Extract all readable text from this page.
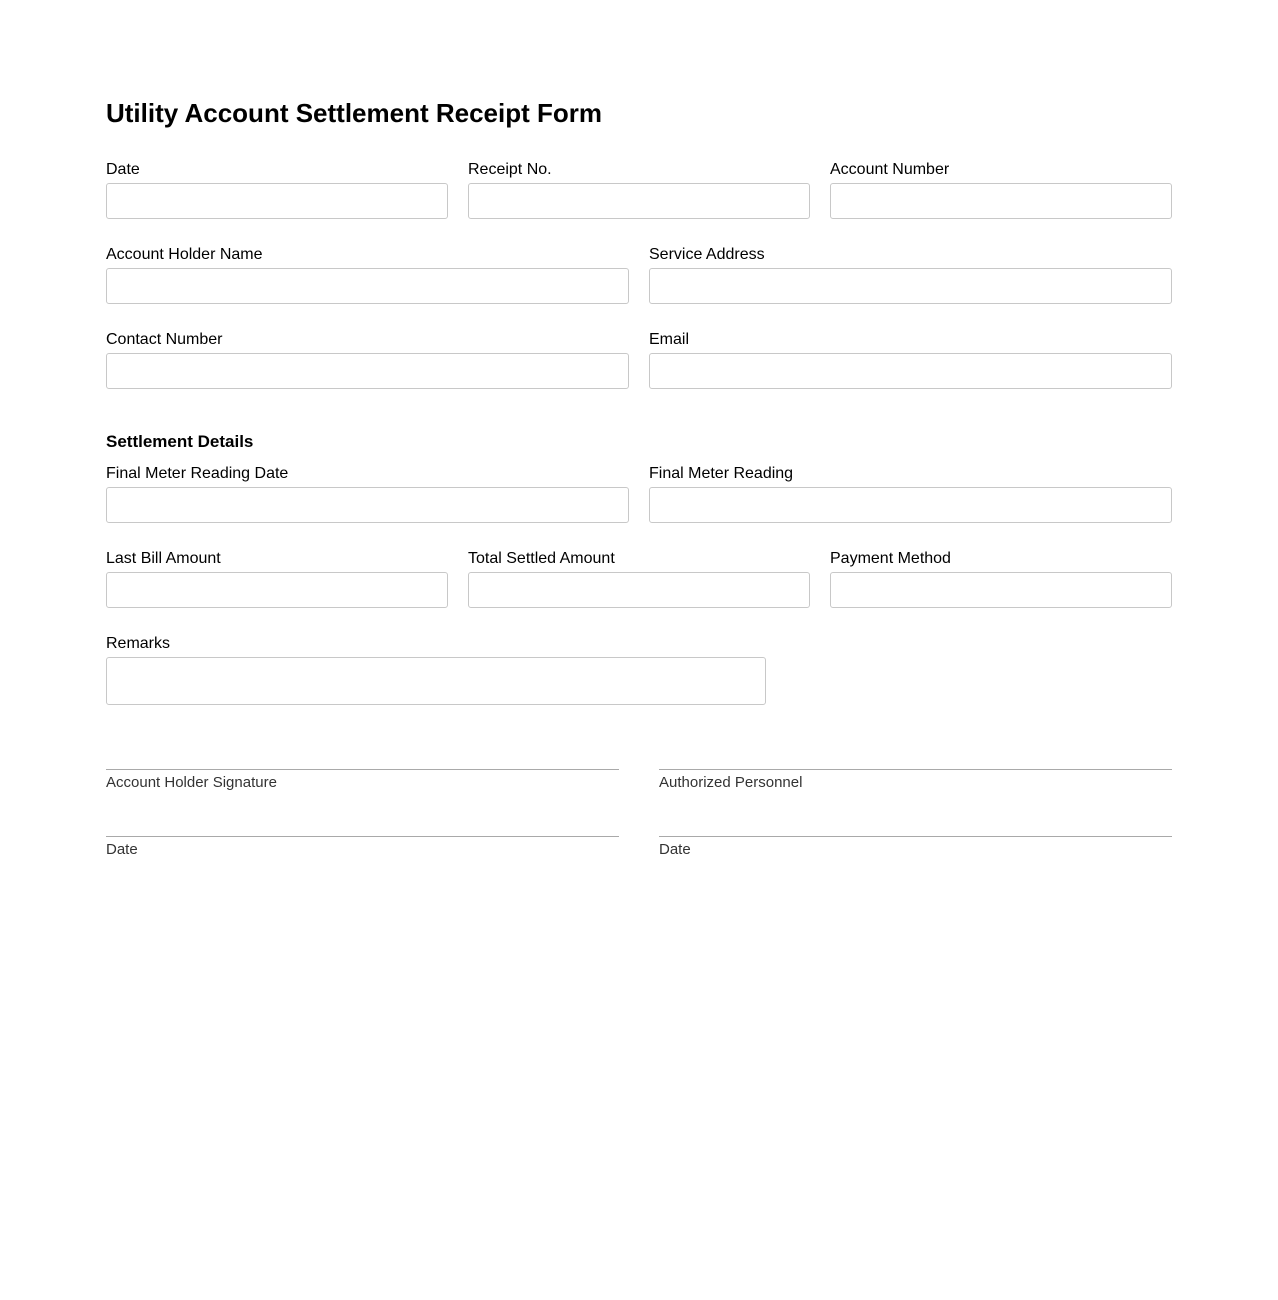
Utility Account Settlement Receipt Form
Date	Receipt No.	Account Number
Account Holder Name	Service Address
Contact Number	Email
Settlement Details
Final Meter Reading Date	Final Meter Reading
Last Bill Amount	Total Settled Amount	Payment Method
Remarks
Account Holder Signature	Authorized Personnel
Date	Date
